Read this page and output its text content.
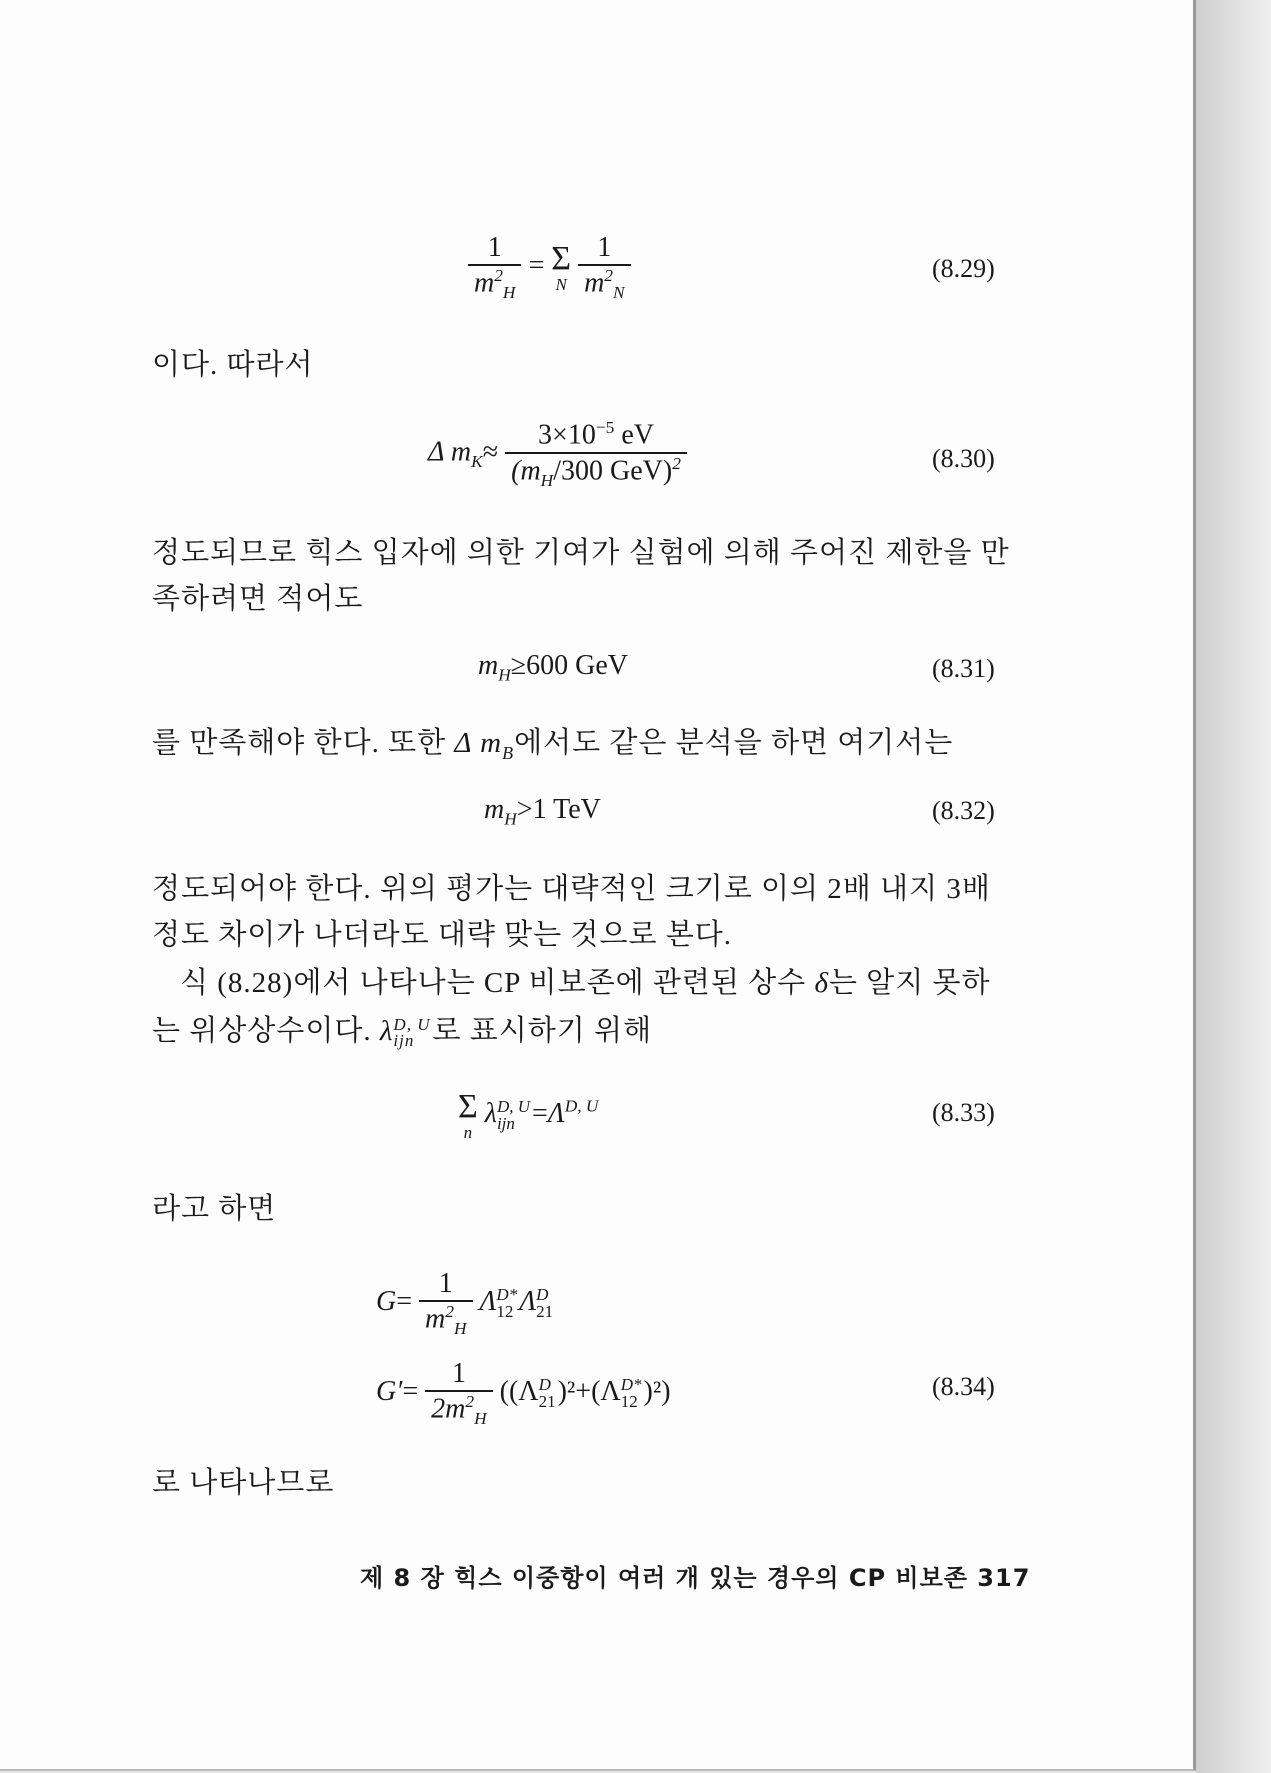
$\frac{1}{m^2_H} = \Sigma$
N
$\frac{1}{m^2_N}$	(8.29)
이다. 따라서
Δ $m_K\approx \frac{3\times 10^{-5} eV}{(m_H/300 GeV)^2}$	(8.30)
정도되므로 힉스 입자에 의한 기여가 실험에 의해 주어진 제한을 만
족하려면 적어도
$m_H\ge 600$ GeV	(8.31)
를 만족해야 한다. 또한 Δ $m_B$에서도 같은 분석을 하면 여기서는
$m_H>1$ TeV	(8.32)
정도되어야 한다. 위의 평가는 대략적인 크기로 이의 2배 내지 3배
정도 차이가 나더라도 대략 맞는 것으로 본다.
식 (8.28)에서 나타나는 CP 비보존에 관련된 상수 δ는 알지 못하
는 위상상수이다. λ D, U
ijn 로 표시하기 위해
Σ
n
λ D, U
ijn $=\Lambda^{D, U}$	(8.33)
라고 하면
$G= \frac{1}{m^2_H}$ Λ D*
12 Λ D
21
$G'= \frac{1}{2m^2_H} ((\Lambda$ D
21 )²+(Λ D*
12 )²)	(8.34)
로 나타나므로
제 8 장 힉스 이중항이 여러 개 있는 경우의 CP 비보존 317
